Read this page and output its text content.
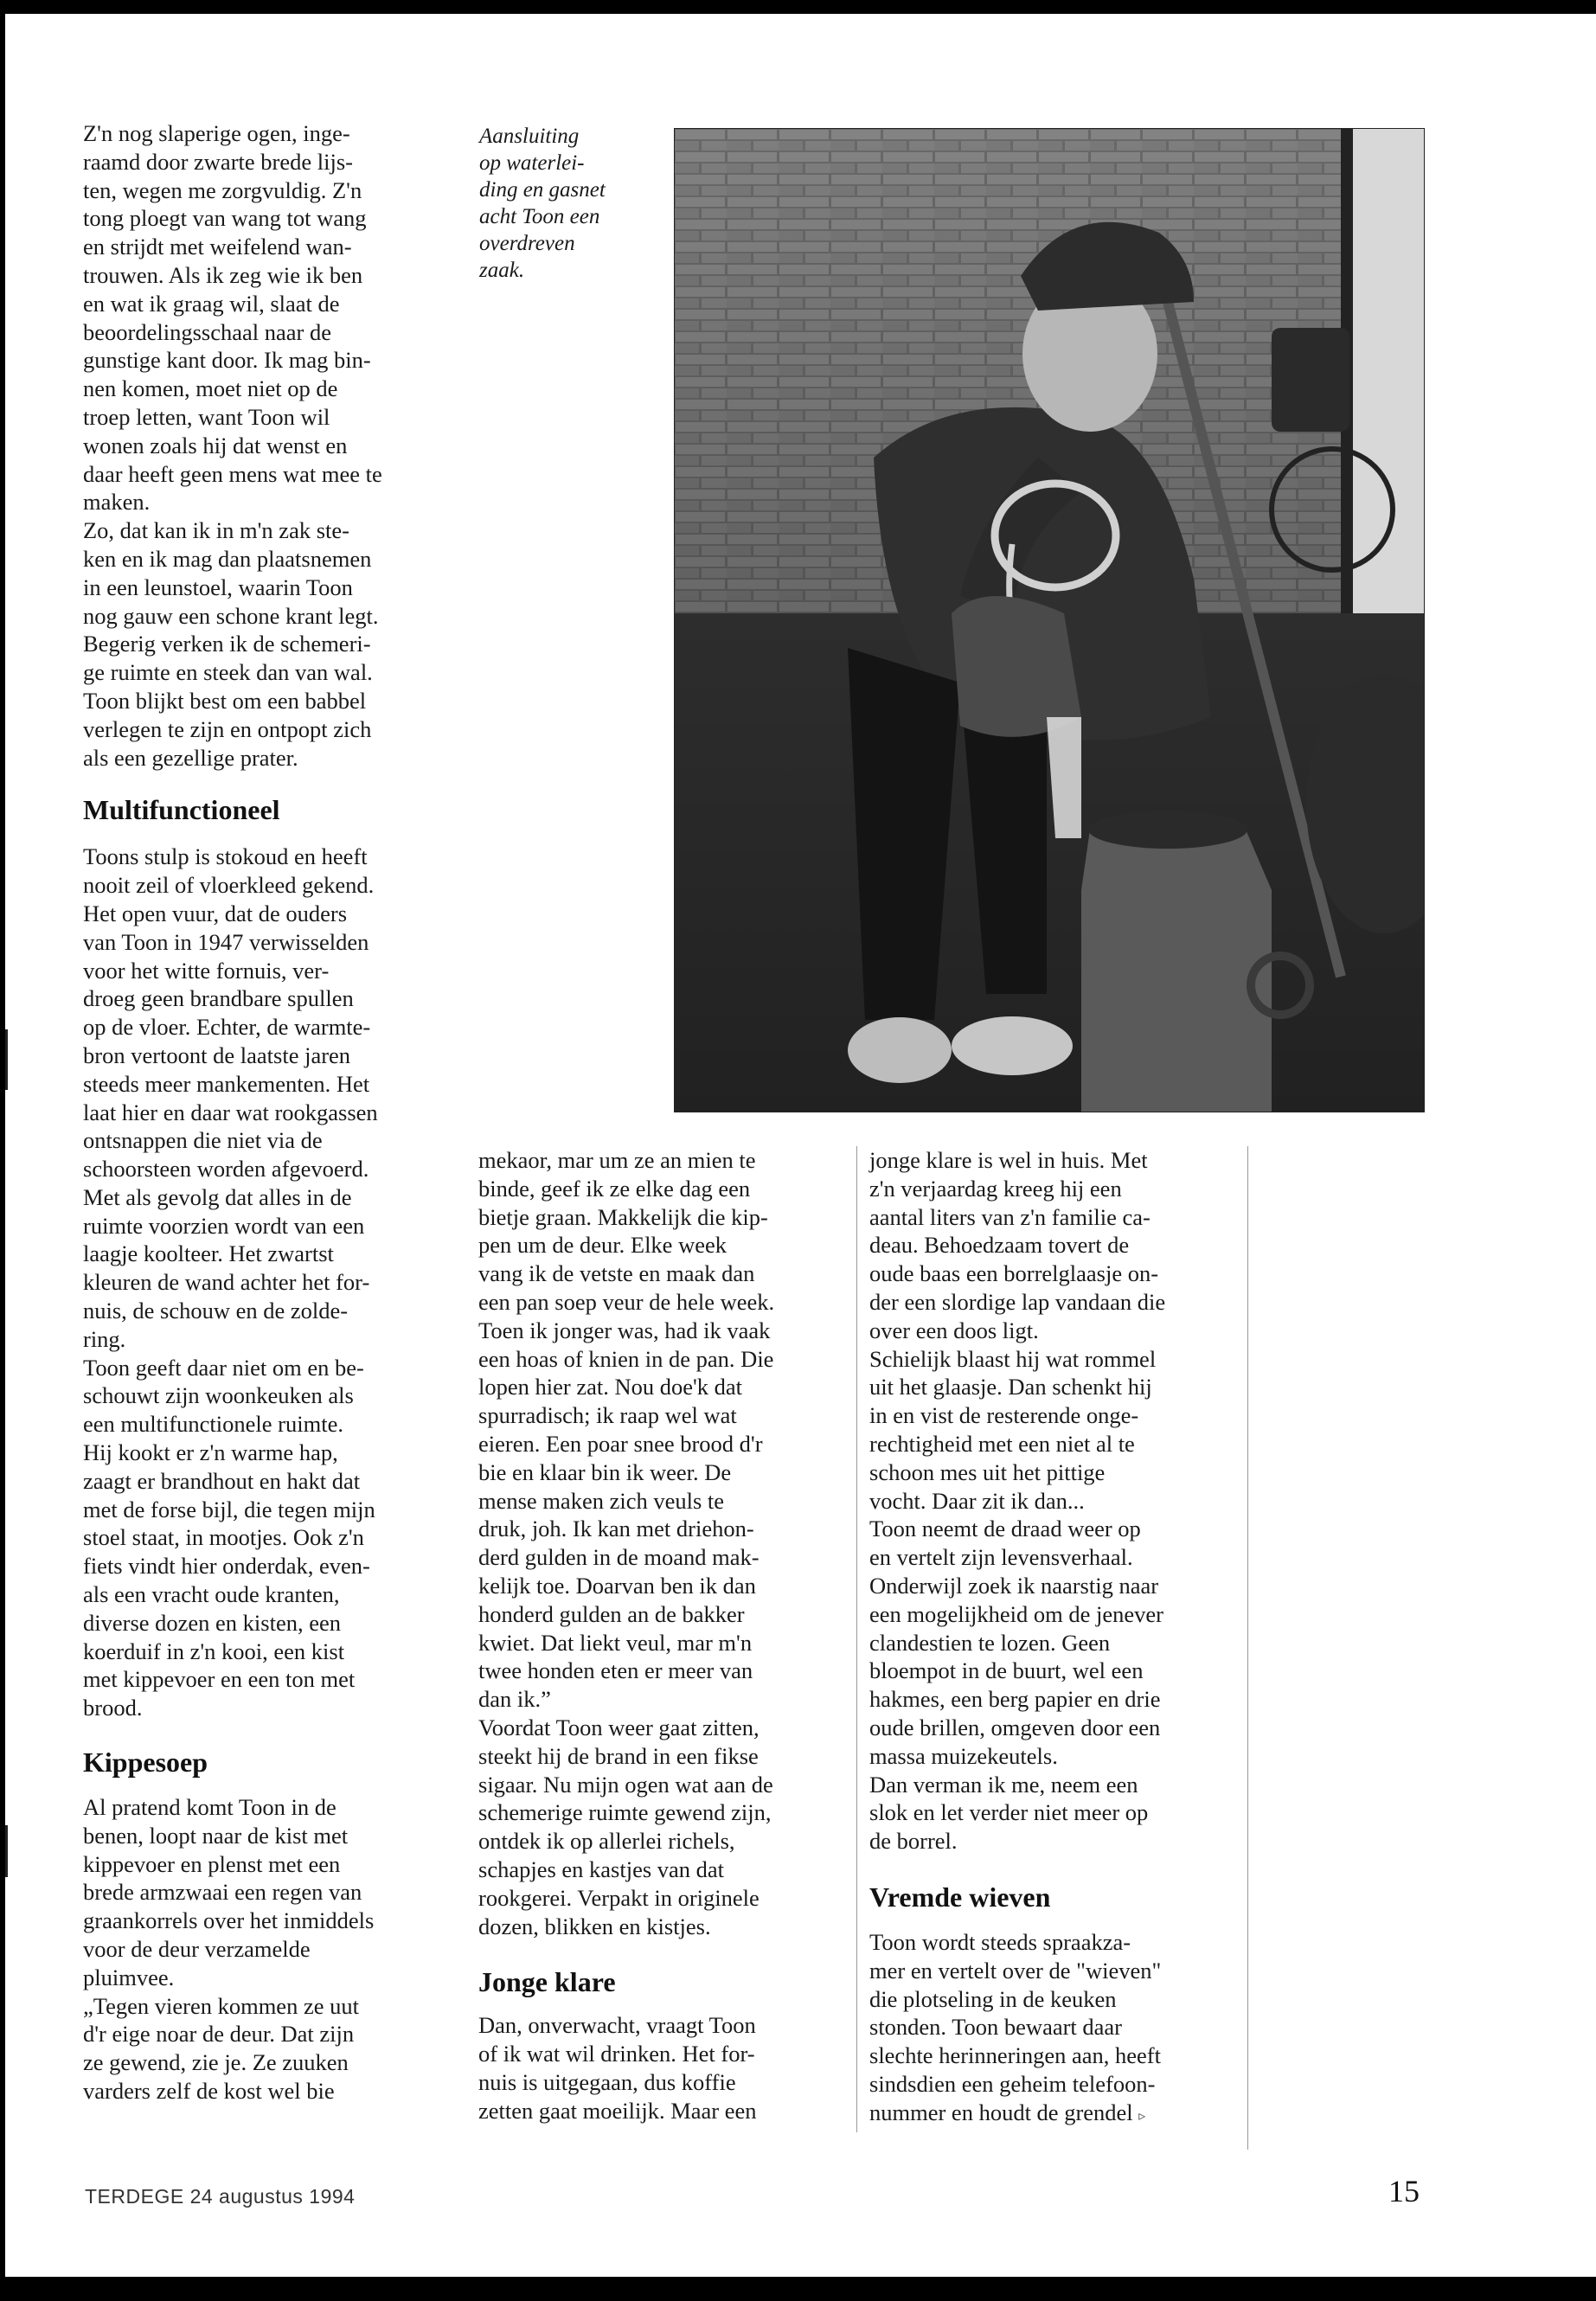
Z'n nog slaperige ogen, inge-
raamd door zwarte brede lijs-
ten, wegen me zorgvuldig. Z'n
tong ploegt van wang tot wang
en strijdt met weifelend wan-
trouwen. Als ik zeg wie ik ben
en wat ik graag wil, slaat de
beoordelingsschaal naar de
gunstige kant door. Ik mag bin-
nen komen, moet niet op de
troep letten, want Toon wil
wonen zoals hij dat wenst en
daar heeft geen mens wat mee te
maken.
Zo, dat kan ik in m'n zak ste-
ken en ik mag dan plaatsnemen
in een leunstoel, waarin Toon
nog gauw een schone krant legt.
Begerig verken ik de schemeri-
ge ruimte en steek dan van wal.
Toon blijkt best om een babbel
verlegen te zijn en ontpopt zich
als een gezellige prater.

Multifunctioneel

Toons stulp is stokoud en heeft
nooit zeil of vloerkleed gekend.
Het open vuur, dat de ouders
van Toon in 1947 verwisselden
voor het witte fornuis, ver-
droeg geen brandbare spullen
op de vloer. Echter, de warmte-
bron vertoont de laatste jaren
steeds meer mankementen. Het
laat hier en daar wat rookgassen
ontsnappen die niet via de
schoorsteen worden afgevoerd.
Met als gevolg dat alles in de
ruimte voorzien wordt van een
laagje koolteer. Het zwartst
kleuren de wand achter het for-
nuis, de schouw en de zolde-
ring.
Toon geeft daar niet om en be-
schouwt zijn woonkeuken als
een multifunctionele ruimte.
Hij kookt er z'n warme hap,
zaagt er brandhout en hakt dat
met de forse bijl, die tegen mijn
stoel staat, in mootjes. Ook z'n
fiets vindt hier onderdak, even-
als een vracht oude kranten,
diverse dozen en kisten, een
koerduif in z'n kooi, een kist
met kippevoer en een ton met
brood.

Kippesoep

Al pratend komt Toon in de
benen, loopt naar de kist met
kippevoer en plenst met een
brede armzwaai een regen van
graankorrels over het inmiddels
voor de deur verzamelde
pluimvee.
„Tegen vieren kommen ze uut
d'r eige noar de deur. Dat zijn
ze gewend, zie je. Ze zuuken
varders zelf de kost wel bie

Aansluiting
op waterlei-
ding en gasnet
acht Toon een
overdreven
zaak.

mekaor, mar um ze an mien te
binde, geef ik ze elke dag een
bietje graan. Makkelijk die kip-
pen um de deur. Elke week
vang ik de vetste en maak dan
een pan soep veur de hele week.
Toen ik jonger was, had ik vaak
een hoas of knien in de pan. Die
lopen hier zat. Nou doe'k dat
spurradisch; ik raap wel wat
eieren. Een poar snee brood d'r
bie en klaar bin ik weer. De
mense maken zich veuls te
druk, joh. Ik kan met driehon-
derd gulden in de moand mak-
kelijk toe. Doarvan ben ik dan
honderd gulden an de bakker
kwiet. Dat liekt veul, mar m'n
twee honden eten er meer van
dan ik.”
Voordat Toon weer gaat zitten,
steekt hij de brand in een fikse
sigaar. Nu mijn ogen wat aan de
schemerige ruimte gewend zijn,
ontdek ik op allerlei richels,
schapjes en kastjes van dat
rookgerei. Verpakt in originele
dozen, blikken en kistjes.

Jonge klare

Dan, onverwacht, vraagt Toon
of ik wat wil drinken. Het for-
nuis is uitgegaan, dus koffie
zetten gaat moeilijk. Maar een

jonge klare is wel in huis. Met
z'n verjaardag kreeg hij een
aantal liters van z'n familie ca-
deau. Behoedzaam tovert de
oude baas een borrelglaasje on-
der een slordige lap vandaan die
over een doos ligt.
Schielijk blaast hij wat rommel
uit het glaasje. Dan schenkt hij
in en vist de resterende onge-
rechtigheid met een niet al te
schoon mes uit het pittige
vocht. Daar zit ik dan...
Toon neemt de draad weer op
en vertelt zijn levensverhaal.
Onderwijl zoek ik naarstig naar
een mogelijkheid om de jenever
clandestien te lozen. Geen
bloempot in de buurt, wel een
hakmes, een berg papier en drie
oude brillen, omgeven door een
massa muizekeutels.
Dan verman ik me, neem een
slok en let verder niet meer op
de borrel.

Vremde wieven

Toon wordt steeds spraakza-
mer en vertelt over de "wieven"
die plotseling in de keuken
stonden. Toon bewaart daar
slechte herinneringen aan, heeft
sindsdien een geheim telefoon-
nummer en houdt de grendel ▹

TERDEGE 24 augustus 1994	15
